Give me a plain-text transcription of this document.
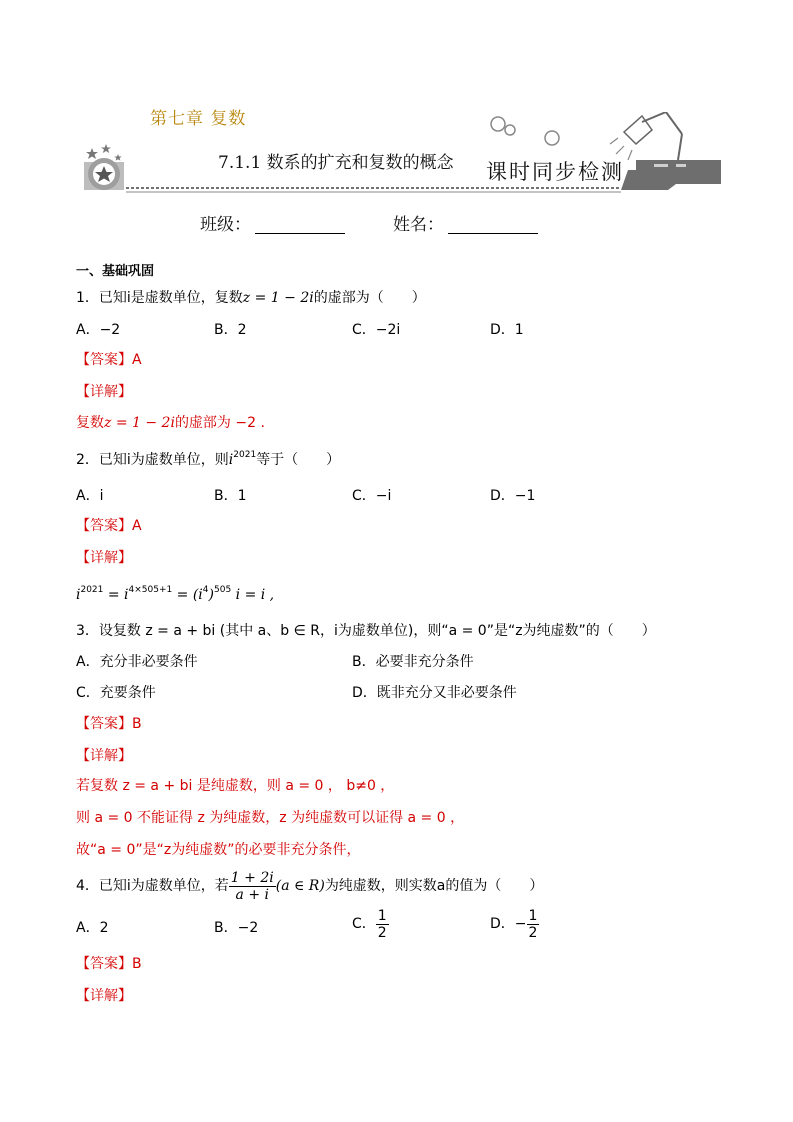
第七章 复数
7.1.1 数系的扩充和复数的概念 课时同步检测
班级：	姓名：
一、基础巩固
1．已知i是虚数单位，复数z = 1 − 2i的虚部为（　　）
A．−2	B．2	C．−2i	D．1
【答案】A
【详解】
复数z = 1 − 2i的虚部为 −2 .
2．已知i为虚数单位，则$i^{2021}$等于（　　）
A．i	B．1	C．−i	D．−1
【答案】A
【详解】
$i^{2021} = i^{4\times 505+1} = (i^4)^{505}$ i = i ,
3．设复数 z = a + bi (其中 a、b ∈ R，i为虚数单位)，则“a = 0”是“z为纯虚数”的（　　）
A．充分非必要条件	B．必要非充分条件
C．充要条件	D．既非充分又非必要条件
【答案】B
【详解】
若复数 z = a + bi 是纯虚数，则 a = 0 ， b≠0 ，
则 a = 0 不能证得 z 为纯虚数，z 为纯虚数可以证得 a = 0 ，
故“a = 0”是“z为纯虚数”的必要非充分条件，
4．已知i为虚数单位，若 $\frac{1 + 2i}{a + i} (a$ ∈ R)为纯虚数，则实数a的值为（　　）
A．2	B．−2	C． $\frac{1}{2}$	D．− $\frac{1}{2}$
【答案】B
【详解】
